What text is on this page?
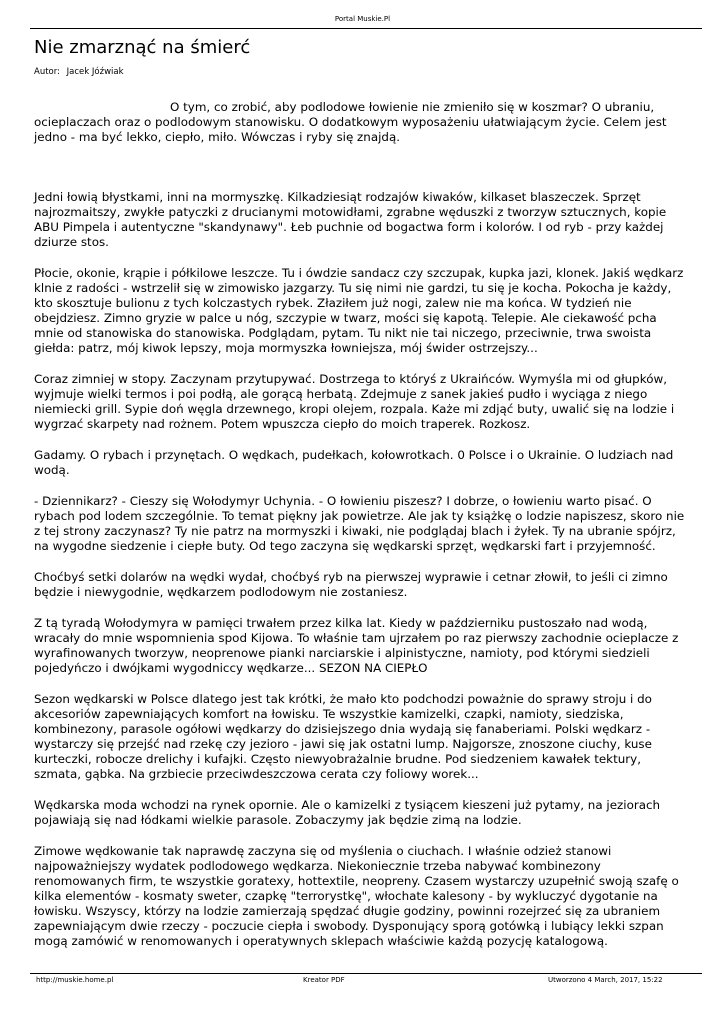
Portal Muskie.Pl
Nie zmarznąć na śmierć
Autor: Jacek Jóźwiak

O tym, co zrobić, aby podlodowe łowienie nie zmieniło się w koszmar? O ubraniu, ocieplaczach oraz o podlodowym stanowisku. O dodatkowym wyposażeniu ułatwiającym życie. Celem jest jedno - ma być lekko, ciepło, miło. Wówczas i ryby się znajdą.

Jedni łowią błystkami, inni na mormyszkę. Kilkadziesiąt rodzajów kiwaków, kilkaset blaszeczek. Sprzęt najrozmaitszy, zwykłe patyczki z drucianymi motowidłami, zgrabne węduszki z tworzyw sztucznych, kopie ABU Pimpela i autentyczne "skandynawy". Łeb puchnie od bogactwa form i kolorów. I od ryb - przy każdej dziurze stos.

Płocie, okonie, krąpie i półkilowe leszcze. Tu i ówdzie sandacz czy szczupak, kupka jazi, klonek. Jakiś wędkarz klnie z radości - wstrzelił się w zimowisko jazgarzy. Tu się nimi nie gardzi, tu się je kocha. Pokocha je każdy, kto skosztuje bulionu z tych kolczastych rybek. Złaziłem już nogi, zalew nie ma końca. W tydzień nie obejdziesz. Zimno gryzie w palce u nóg, szczypie w twarz, mości się kapotą. Telepie. Ale ciekawość pcha mnie od stanowiska do stanowiska. Podglądam, pytam. Tu nikt nie tai niczego, przeciwnie, trwa swoista giełda: patrz, mój kiwok lepszy, moja mormyszka łowniejsza, mój świder ostrzejszy...

Coraz zimniej w stopy. Zaczynam przytupywać. Dostrzega to któryś z Ukraińców. Wymyśla mi od głupków, wyjmuje wielki termos i poi podłą, ale gorącą herbatą. Zdejmuje z sanek jakieś pudło i wyciąga z niego niemiecki grill. Sypie doń węgla drzewnego, kropi olejem, rozpala. Każe mi zdjąć buty, uwalić się na lodzie i wygrzać skarpety nad rożnem. Potem wpuszcza ciepło do moich traperek. Rozkosz.

Gadamy. O rybach i przynętach. O wędkach, pudełkach, kołowrotkach. 0 Polsce i o Ukrainie. O ludziach nad wodą.

- Dziennikarz? - Cieszy się Wołodymyr Uchynia. - O łowieniu piszesz? I dobrze, o łowieniu warto pisać. O rybach pod lodem szczególnie. To temat piękny jak powietrze. Ale jak ty książkę o lodzie napiszesz, skoro nie z tej strony zaczynasz? Ty nie patrz na mormyszki i kiwaki, nie podglądaj blach i żyłek. Ty na ubranie spójrz, na wygodne siedzenie i ciepłe buty. Od tego zaczyna się wędkarski sprzęt, wędkarski fart i przyjemność.

Choćbyś setki dolarów na wędki wydał, choćbyś ryb na pierwszej wyprawie i cetnar złowił, to jeśli ci zimno będzie i niewygodnie, wędkarzem podlodowym nie zostaniesz.

Z tą tyradą Wołodymyra w pamięci trwałem przez kilka lat. Kiedy w październiku pustoszało nad wodą, wracały do mnie wspomnienia spod Kijowa. To właśnie tam ujrzałem po raz pierwszy zachodnie ocieplacze z wyrafinowanych tworzyw, neoprenowe pianki narciarskie i alpinistyczne, namioty, pod którymi siedzieli pojedyńczo i dwójkami wygodniccy wędkarze... SEZON NA CIEPŁO

Sezon wędkarski w Polsce dlatego jest tak krótki, że mało kto podchodzi poważnie do sprawy stroju i do akcesoriów zapewniających komfort na łowisku. Te wszystkie kamizelki, czapki, namioty, siedziska, kombinezony, parasole ogółowi wędkarzy do dzisiejszego dnia wydają się fanaberiami. Polski wędkarz - wystarczy się przejść nad rzekę czy jezioro - jawi się jak ostatni lump. Najgorsze, znoszone ciuchy, kuse kurteczki, robocze drelichy i kufajki. Często niewyobrażalnie brudne. Pod siedzeniem kawałek tektury, szmata, gąbka. Na grzbiecie przeciwdeszczowa cerata czy foliowy worek...

Wędkarska moda wchodzi na rynek opornie. Ale o kamizelki z tysiącem kieszeni już pytamy, na jeziorach pojawiają się nad łódkami wielkie parasole. Zobaczymy jak będzie zimą na lodzie.

Zimowe wędkowanie tak naprawdę zaczyna się od myślenia o ciuchach. I właśnie odzież stanowi najpoważniejszy wydatek podlodowego wędkarza. Niekoniecznie trzeba nabywać kombinezony renomowanych firm, te wszystkie goratexy, hottextile, neopreny. Czasem wystarczy uzupełnić swoją szafę o kilka elementów - kosmaty sweter, czapkę "terrorystkę", włochate kalesony - by wykluczyć dygotanie na łowisku. Wszyscy, którzy na lodzie zamierzają spędzać długie godziny, powinni rozejrzeć się za ubraniem zapewniającym dwie rzeczy - poczucie ciepła i swobody. Dysponujący sporą gotówką i lubiący lekki szpan mogą zamówić w renomowanych i operatywnych sklepach właściwie każdą pozycję katalogową.

http://muskie.home.pl	Kreator PDF	Utworzono 4 March, 2017, 15:22
